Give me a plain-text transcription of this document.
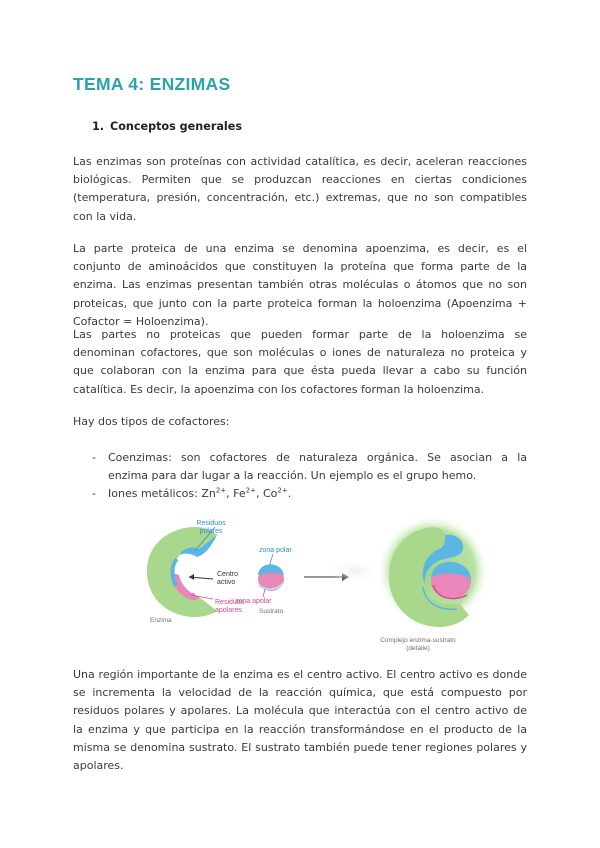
TEMA 4: ENZIMAS
1. Conceptos generales

Las enzimas son proteínas con actividad catalítica, es decir, aceleran reacciones
biológicas. Permiten que se produzcan reacciones en ciertas condiciones
(temperatura, presión, concentración, etc.) extremas, que no son compatibles
con la vida.

La parte proteica de una enzima se denomina apoenzima, es decir, es el
conjunto de aminoácidos que constituyen la proteína que forma parte de la
enzima. Las enzimas presentan también otras moléculas o átomos que no son
proteicas, que junto con la parte proteica forman la holoenzima (Apoenzima +
Cofactor = Holoenzima).

Las partes no proteicas que pueden formar parte de la holoenzima se
denominan cofactores, que son moléculas o iones de naturaleza no proteica y
que colaboran con la enzima para que ésta pueda llevar a cabo su función
catalítica. Es decir, la apoenzima con los cofactores forman la holoenzima.

Hay dos tipos de cofactores:

- Coenzimas: son cofactores de naturaleza orgánica. Se asocian a la
enzima para dar lugar a la reacción. Un ejemplo es el grupo hemo.
- Iones metálicos: $Zn^{2+}$, $Fe^{2+}$, $Co^{2+}$.
Residuos polares
Centro activo
Residuos apolares
Enzima
zona polar
zona apolar
Sustrato
Complejo enzima-sustrato (detalle)

Una región importante de la enzima es el centro activo. El centro activo es donde
se incrementa la velocidad de la reacción química, que está compuesto por
residuos polares y apolares. La molécula que interactúa con el centro activo de
la enzima y que participa en la reacción transformándose en el producto de la
misma se denomina sustrato. El sustrato también puede tener regiones polares y
apolares.
